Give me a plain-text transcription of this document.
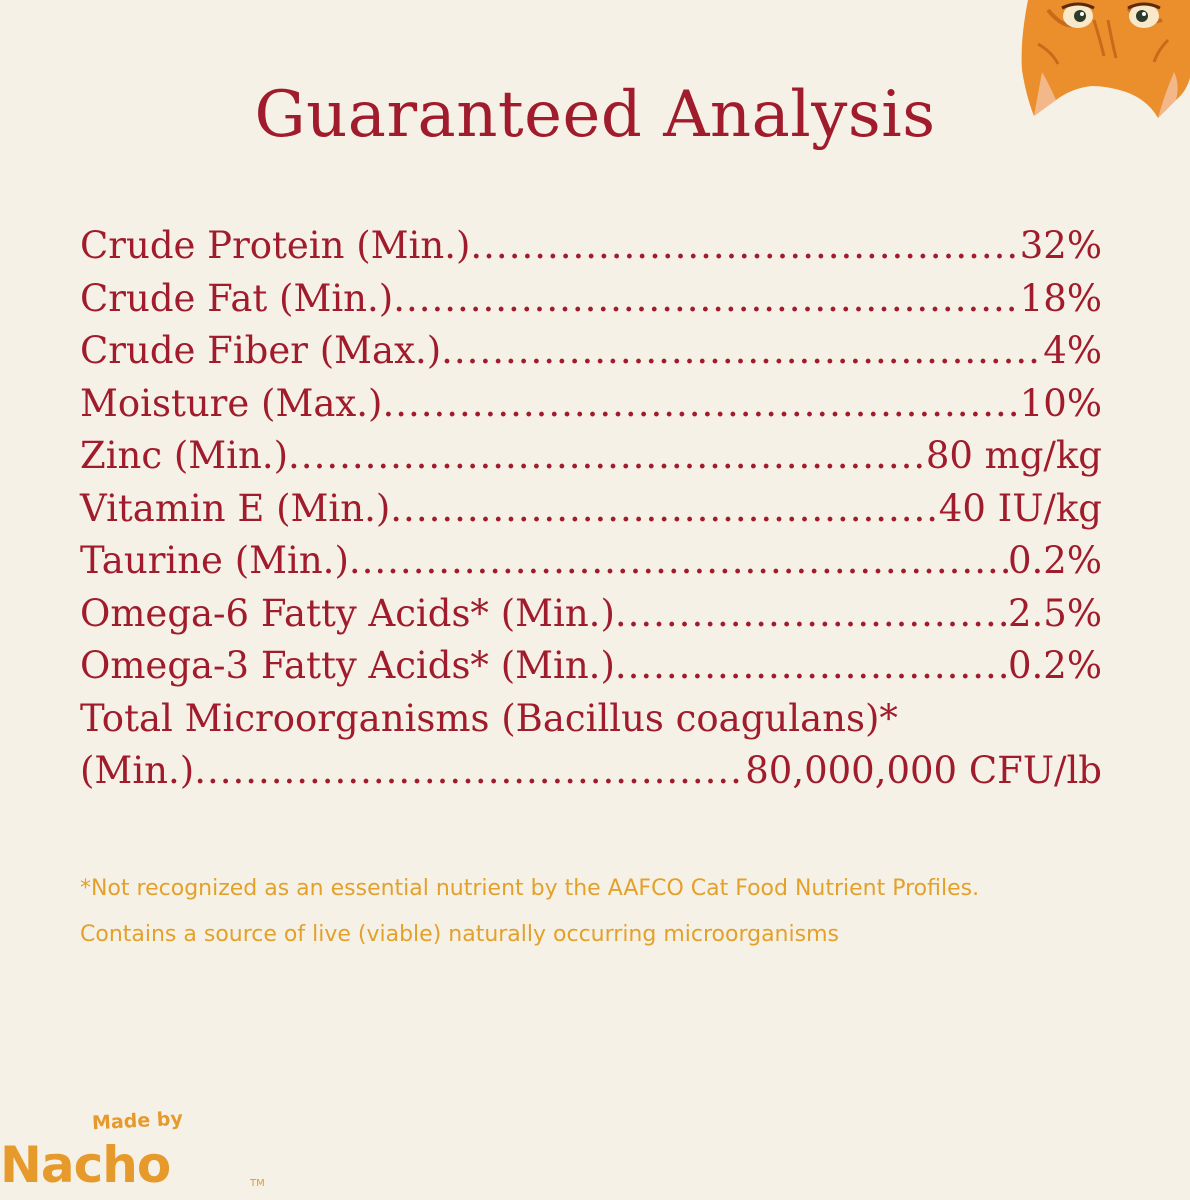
Guaranteed Analysis
Crude Protein (Min.) .....	32%
Crude Fat (Min.) .....	18%
Crude Fiber (Max.) .....	4%
Moisture (Max.) .....	10%
Zinc (Min.) .....	80 mg/kg
Vitamin E (Min.) .....	40 IU/kg
Taurine (Min.) .....	0.2%
Omega-6 Fatty Acids* (Min.) .....	2.5%
Omega-3 Fatty Acids* (Min.) .....	0.2%
Total Microorganisms (Bacillus coagulans)*
(Min.) .....	80,000,000 CFU/lb
*Not recognized as an essential nutrient by the AAFCO Cat Food Nutrient Profiles.
Contains a source of live (viable) naturally occurring microorganisms
Made by
Nacho	TM
